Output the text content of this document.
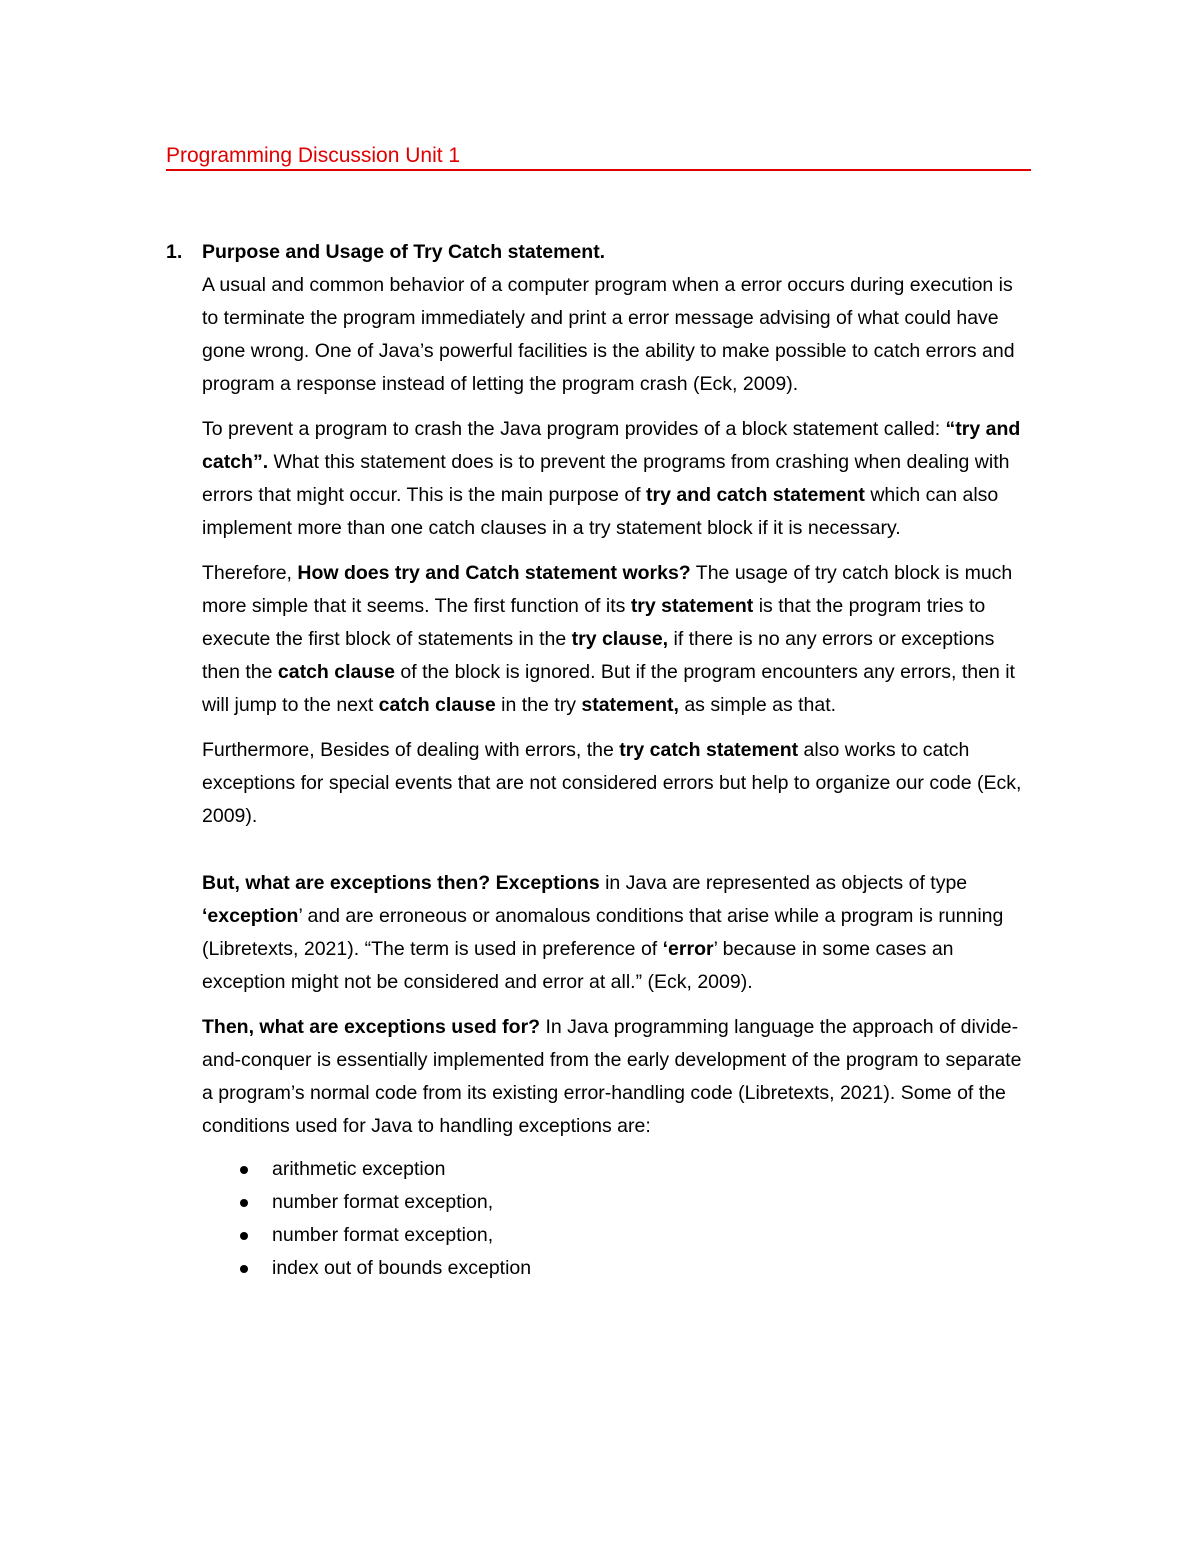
Programming Discussion Unit 1

1. Purpose and Usage of Try Catch statement.

A usual and common behavior of a computer program when a error occurs during execution is to terminate the program immediately and print a error message advising of what could have gone wrong. One of Java’s powerful facilities is the ability to make possible to catch errors and program a response instead of letting the program crash (Eck, 2009).

To prevent a program to crash the Java program provides of a block statement called: “try and catch”. What this statement does is to prevent the programs from crashing when dealing with errors that might occur. This is the main purpose of try and catch statement which can also implement more than one catch clauses in a try statement block if it is necessary.

Therefore, How does try and Catch statement works? The usage of try catch block is much more simple that it seems. The first function of its try statement is that the program tries to execute the first block of statements in the try clause, if there is no any errors or exceptions then the catch clause of the block is ignored. But if the program encounters any errors, then it will jump to the next catch clause in the try statement, as simple as that.

Furthermore, Besides of dealing with errors, the try catch statement also works to catch exceptions for special events that are not considered errors but help to organize our code (Eck, 2009).

But, what are exceptions then? Exceptions in Java are represented as objects of type ‘exception’ and are erroneous or anomalous conditions that arise while a program is running (Libretexts, 2021). “The term is used in preference of ‘error’ because in some cases an exception might not be considered and error at all.” (Eck, 2009).

Then, what are exceptions used for? In Java programming language the approach of divide-and-conquer is essentially implemented from the early development of the program to separate a program’s normal code from its existing error-handling code (Libretexts, 2021). Some of the conditions used for Java to handling exceptions are:

arithmetic exception
number format exception,
number format exception,
index out of bounds exception
